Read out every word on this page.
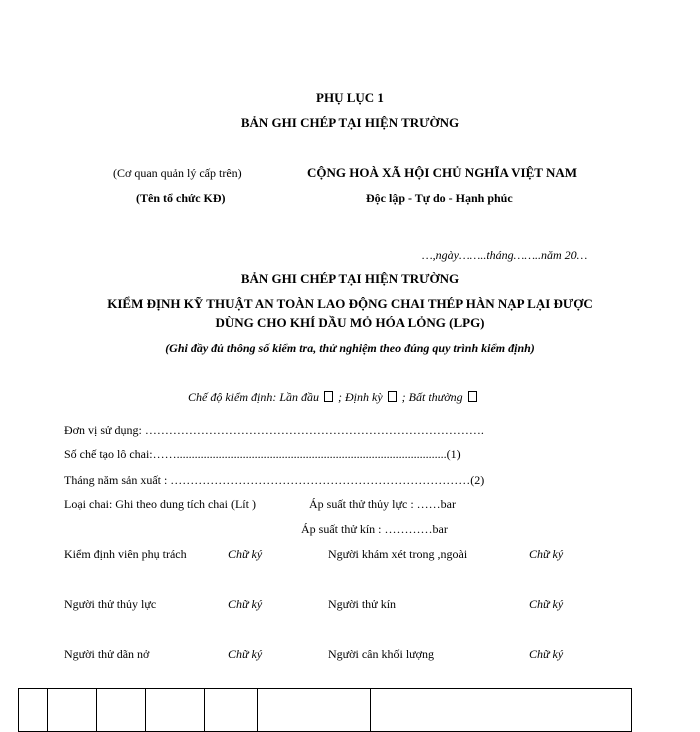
PHỤ LỤC 1
BẢN GHI CHÉP TẠI HIỆN TRƯỜNG
(Cơ quan quản lý cấp trên)
(Tên tổ chức KĐ)
CỘNG HOÀ XÃ HỘI CHỦ NGHĨA VIỆT NAM
Độc lập - Tự do - Hạnh phúc
…,ngày……..tháng……..năm 20…
BẢN GHI CHÉP TẠI HIỆN TRƯỜNG
KIỂM ĐỊNH KỸ THUẬT AN TOÀN LAO ĐỘNG CHAI THÉP HÀN NẠP LẠI ĐƯỢC
DÙNG CHO KHÍ DẦU MỎ HÓA LỎNG (LPG)
(Ghi đầy đủ thông số kiểm tra, thử nghiệm theo đúng quy trình kiểm định)
Chế độ kiểm định: Lần đầu ; Định kỳ ; Bất thường
Đơn vị sử dụng: ………………………………………………………………………….
Số chế tạo lô chai:……..........................................................................................(1)
Tháng năm sản xuất : …………………………………………………………………(2)
Loại chai: Ghi theo dung tích chai (Lít )	Áp suất thử thủy lực : ……bar
Áp suất thử kín : …………bar
Kiểm định viên phụ trách	Chữ ký	Người khám xét trong ,ngoài	Chữ ký
Người thử thủy lực	Chữ ký	Người thử kín	Chữ ký
Người thử dãn nở	Chữ ký	Người cân khối lượng	Chữ ký
